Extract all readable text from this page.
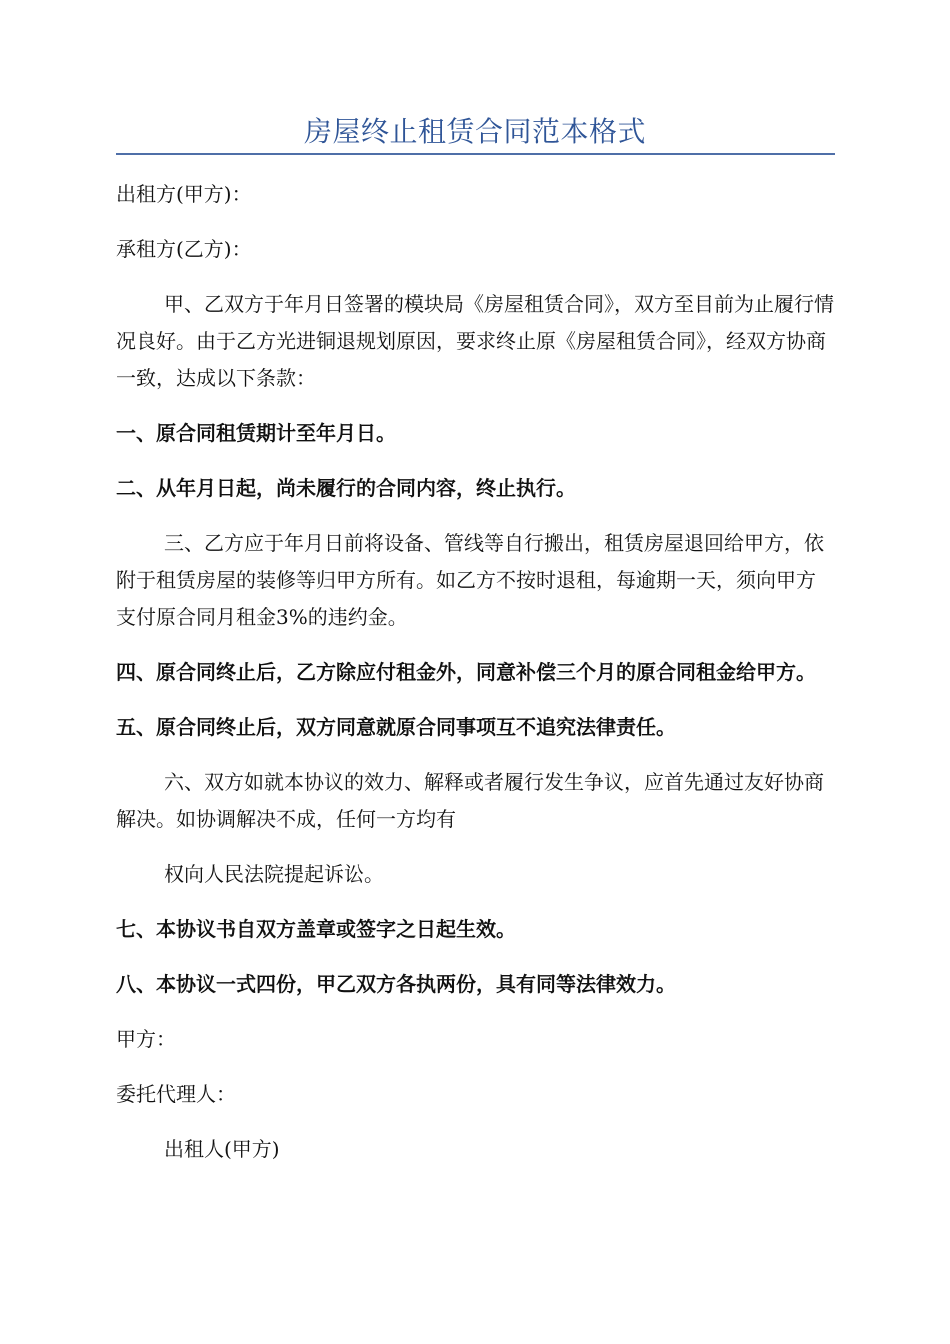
房屋终止租赁合同范本格式

出租方(甲方)：

承租方(乙方)：

甲、乙双方于年月日签署的模块局《房屋租赁合同》，双方至目前为止履行情况良好。由于乙方光进铜退规划原因，要求终止原《房屋租赁合同》，经双方协商一致，达成以下条款：

一、原合同租赁期计至年月日。

二、从年月日起，尚未履行的合同内容，终止执行。

三、乙方应于年月日前将设备、管线等自行搬出，租赁房屋退回给甲方，依附于租赁房屋的装修等归甲方所有。如乙方不按时退租，每逾期一天，须向甲方支付原合同月租金3%的违约金。

四、原合同终止后，乙方除应付租金外，同意补偿三个月的原合同租金给甲方。

五、原合同终止后，双方同意就原合同事项互不追究法律责任。

六、双方如就本协议的效力、解释或者履行发生争议，应首先通过友好协商解决。如协调解决不成，任何一方均有

权向人民法院提起诉讼。

七、本协议书自双方盖章或签字之日起生效。

八、本协议一式四份，甲乙双方各执两份，具有同等法律效力。

甲方：

委托代理人：

出租人(甲方)
